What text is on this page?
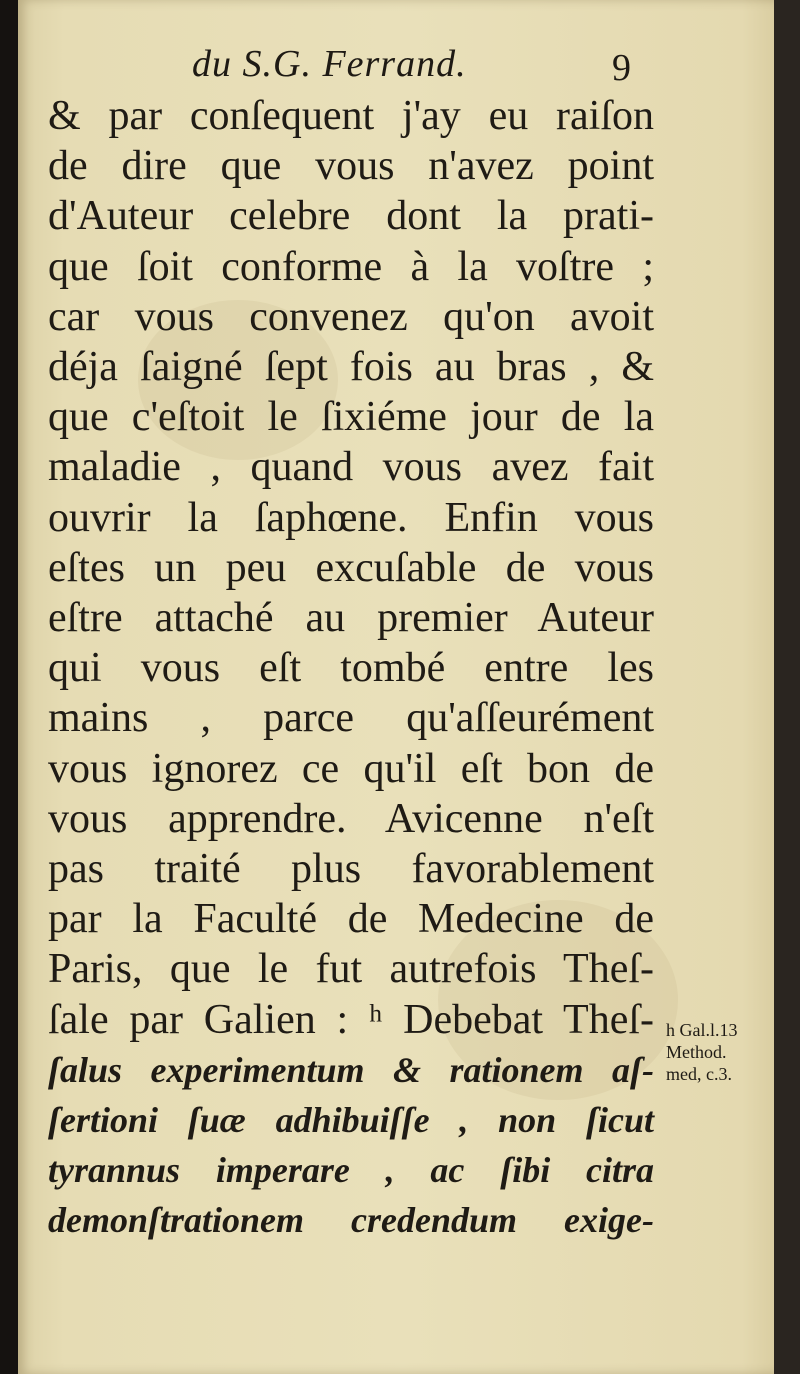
du S.G. Ferrand.	9
& par conſequent j'ay eu raiſon
de dire que vous n'avez point
d'Auteur celebre dont la prati-
que ſoit conforme à la voſtre ;
car vous convenez qu'on avoit
déja ſaigné ſept fois au bras , &
que c'eſtoit le ſixiéme jour de la
maladie , quand vous avez fait
ouvrir la ſaphœne. Enfin vous
eſtes un peu excuſable de vous
eſtre attaché au premier Auteur
qui vous eſt tombé entre les
mains , parce qu'aſſeurément
vous ignorez ce qu'il eſt bon de
vous apprendre. Avicenne n'eſt
pas traité plus favorablement
par la Faculté de Medecine de
Paris, que le fut autrefois Theſ-
ſale par Galien : ʰ Debebat Theſ-
ſalus experimentum & rationem aſ-
ſertioni ſuæ adhibuiſſe , non ſicut
tyrannus imperare , ac ſibi citra
demonſtrationem credendum exige-
h Gal.l.13
Method.
med, c.3.
